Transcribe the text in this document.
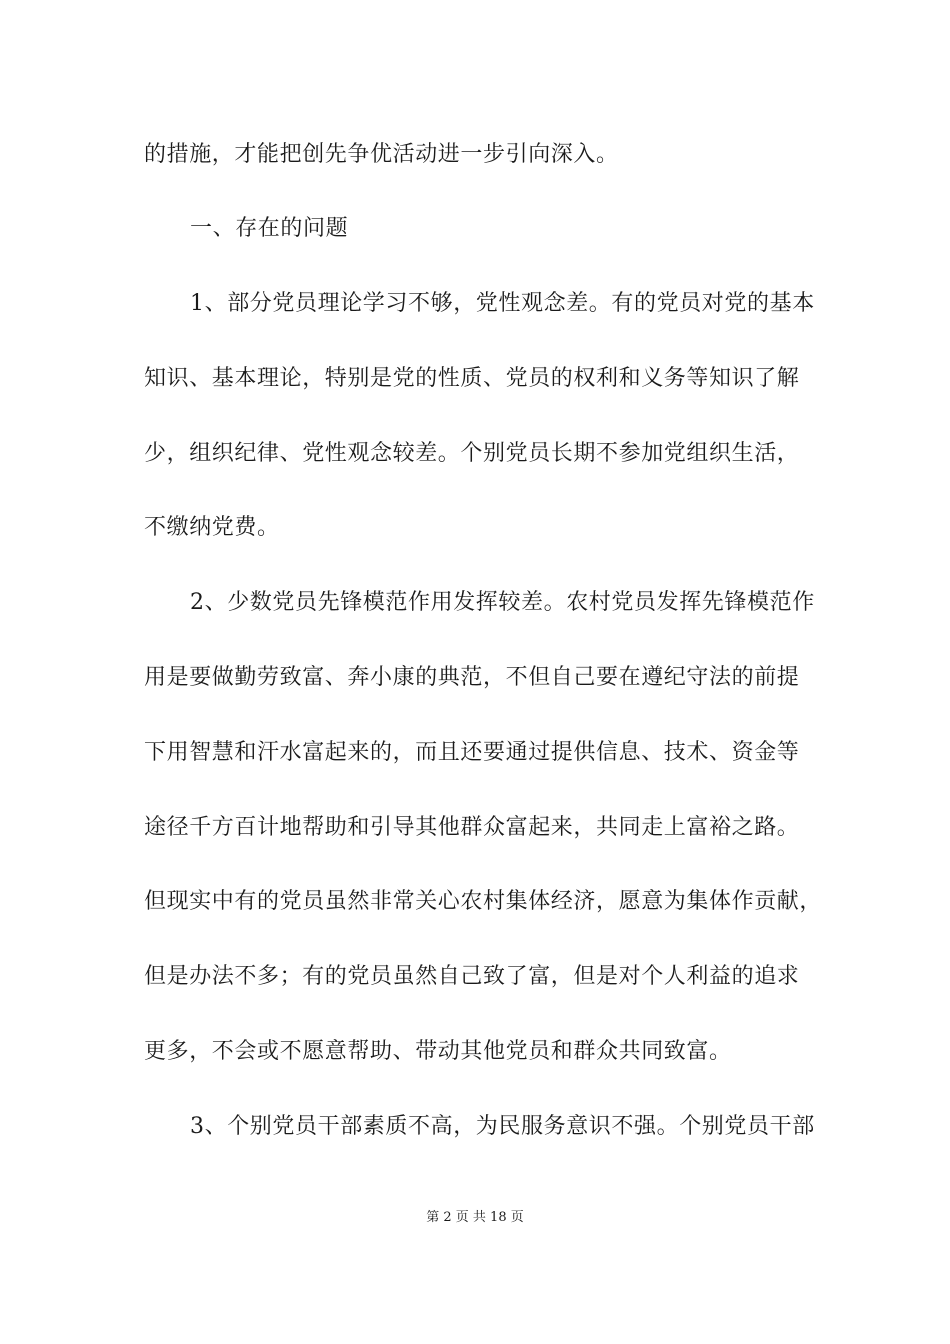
的措施，才能把创先争优活动进一步引向深入。

一、存在的问题

1、部分党员理论学习不够，党性观念差。有的党员对党的基本

知识、基本理论，特别是党的性质、党员的权利和义务等知识了解

少，组织纪律、党性观念较差。个别党员长期不参加党组织生活，

不缴纳党费。

2、少数党员先锋模范作用发挥较差。农村党员发挥先锋模范作

用是要做勤劳致富、奔小康的典范，不但自己要在遵纪守法的前提

下用智慧和汗水富起来的，而且还要通过提供信息、技术、资金等

途径千方百计地帮助和引导其他群众富起来，共同走上富裕之路。

但现实中有的党员虽然非常关心农村集体经济，愿意为集体作贡献，

但是办法不多；有的党员虽然自己致了富，但是对个人利益的追求

更多，不会或不愿意帮助、带动其他党员和群众共同致富。

3、个别党员干部素质不高，为民服务意识不强。个别党员干部

第 2 页 共 18 页
